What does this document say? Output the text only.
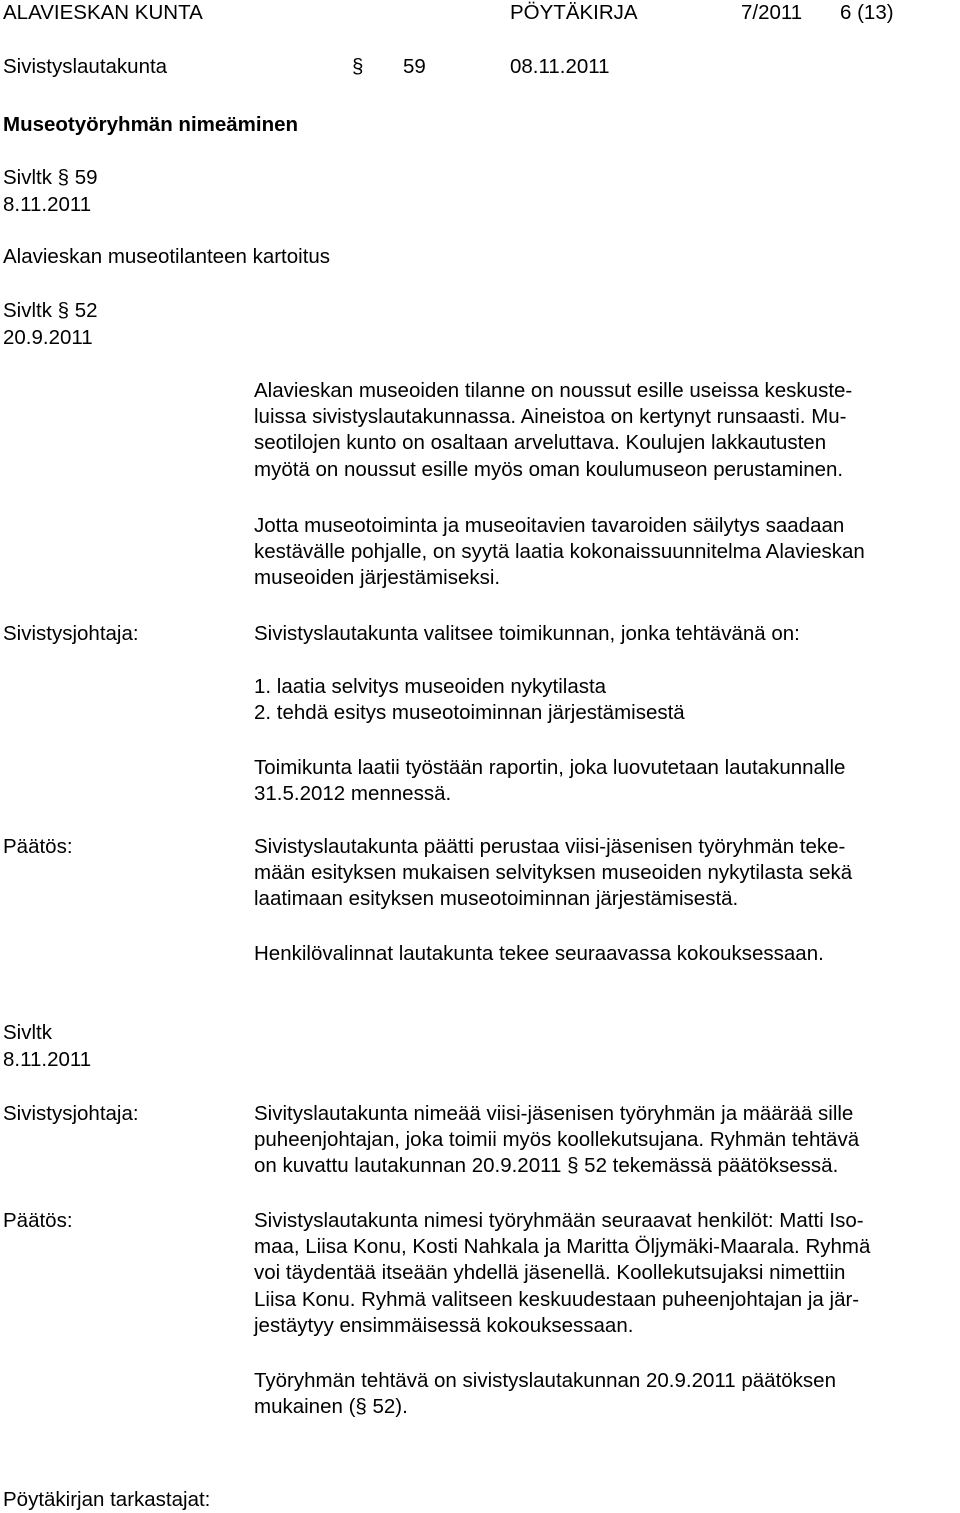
ALAVIESKAN KUNTA	PÖYTÄKIRJA	7/2011 6 (13)
Sivistyslautakunta	§ 59	08.11.2011
Museotyöryhmän nimeäminen
Sivltk § 59
8.11.2011
Alavieskan museotilanteen kartoitus
Sivltk § 52
20.9.2011

Alavieskan museoiden tilanne on noussut esille useissa keskuste-

luissa sivistyslautakunnassa. Aineistoa on kertynyt runsaasti. Mu-

seotilojen kunto on osaltaan arveluttava. Koulujen lakkautusten

myötä on noussut esille myös oman koulumuseon perustaminen.

Jotta museotoiminta ja museoitavien tavaroiden säilytys saadaan

kestävälle pohjalle, on syytä laatia kokonaissuunnitelma Alavieskan

museoiden järjestämiseksi.

Sivistysjohtaja:	Sivistyslautakunta valitsee toimikunnan, jonka tehtävänä on:

1. laatia selvitys museoiden nykytilasta

2. tehdä esitys museotoiminnan järjestämisestä

Toimikunta laatii työstään raportin, joka luovutetaan lautakunnalle

31.5.2012 mennessä.

Päätös:	Sivistyslautakunta päätti perustaa viisi-jäsenisen työryhmän teke-

mään esityksen mukaisen selvityksen museoiden nykytilasta sekä

laatimaan esityksen museotoiminnan järjestämisestä.

Henkilövalinnat lautakunta tekee seuraavassa kokouksessaan.
Sivltk
8.11.2011
Sivistysjohtaja:	Sivityslautakunta nimeää viisi-jäsenisen työryhmän ja määrää sille

puheenjohtajan, joka toimii myös koollekutsujana. Ryhmän tehtävä

on kuvattu lautakunnan 20.9.2011 § 52 tekemässä päätöksessä.

Päätös:	Sivistyslautakunta nimesi työryhmään seuraavat henkilöt: Matti Iso-

maa, Liisa Konu, Kosti Nahkala ja Maritta Öljymäki-Maarala. Ryhmä

voi täydentää itseään yhdellä jäsenellä. Koollekutsujaksi nimettiin

Liisa Konu. Ryhmä valitseen keskuudestaan puheenjohtajan ja jär-

jestäytyy ensimmäisessä kokouksessaan.

Työryhmän tehtävä on sivistyslautakunnan 20.9.2011 päätöksen

mukainen (§ 52).

Pöytäkirjan tarkastajat:
